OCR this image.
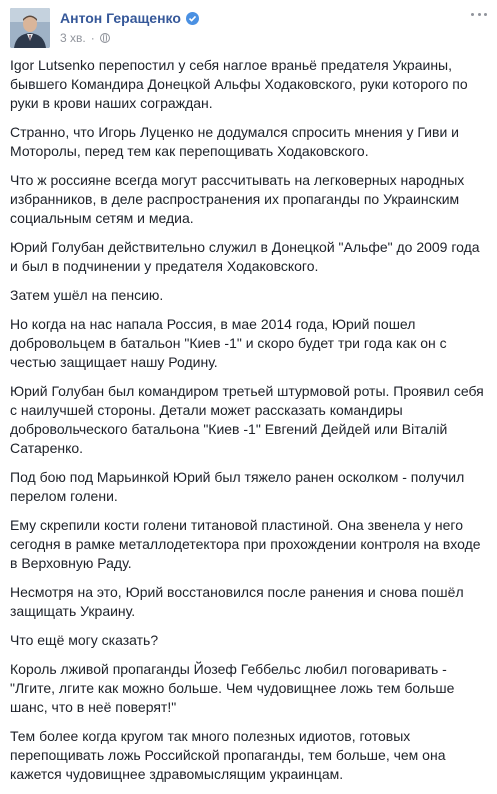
Антон Геращенко
3 хв. ·

Igor Lutsenko перепостил у себя наглое враньё предателя Украины, бывшего Командира Донецкой Альфы Ходаковского, руки которого по руки в крови наших сограждан.

Странно, что Игорь Луценко не додумался спросить мнения у Гиви и Моторолы, перед тем как перепощивать Ходаковского.

Что ж россияне всегда могут рассчитывать на легковерных народных избранников, в деле распространения их пропаганды по Украинским социальным сетям и медиа.

Юрий Голубан действительно служил в Донецкой "Альфе" до 2009 года и был в подчинении у предателя Ходаковского.

Затем ушёл на пенсию.

Но когда на нас напала Россия, в мае 2014 года, Юрий пошел добровольцем в батальон "Киев -1" и скоро будет три года как он с честью защищает нашу Родину.

Юрий Голубан был командиром третьей штурмовой роты. Проявил себя с наилучшей стороны. Детали может рассказать командиры добровольческого батальона "Киев -1" Евгений Дейдей или Віталій Сатаренко.

Под бою под Марьинкой Юрий был тяжело ранен осколком - получил перелом голени.

Ему скрепили кости голени титановой пластиной. Она звенела у него сегодня в рамке металлодетектора при прохождении контроля на входе в Верховную Раду.

Несмотря на это, Юрий восстановился после ранения и снова пошёл защищать Украину.

Что ещё могу сказать?

Король лживой пропаганды Йозеф Геббельс любил поговаривать - "Лгите, лгите как можно больше. Чем чудовищнее ложь тем больше шанс, что в неё поверят!"

Тем более когда кругом так много полезных идиотов, готовых перепощивать ложь Российской пропаганды, тем больше, чем она кажется чудовищнее здравомыслящим украинцам.
